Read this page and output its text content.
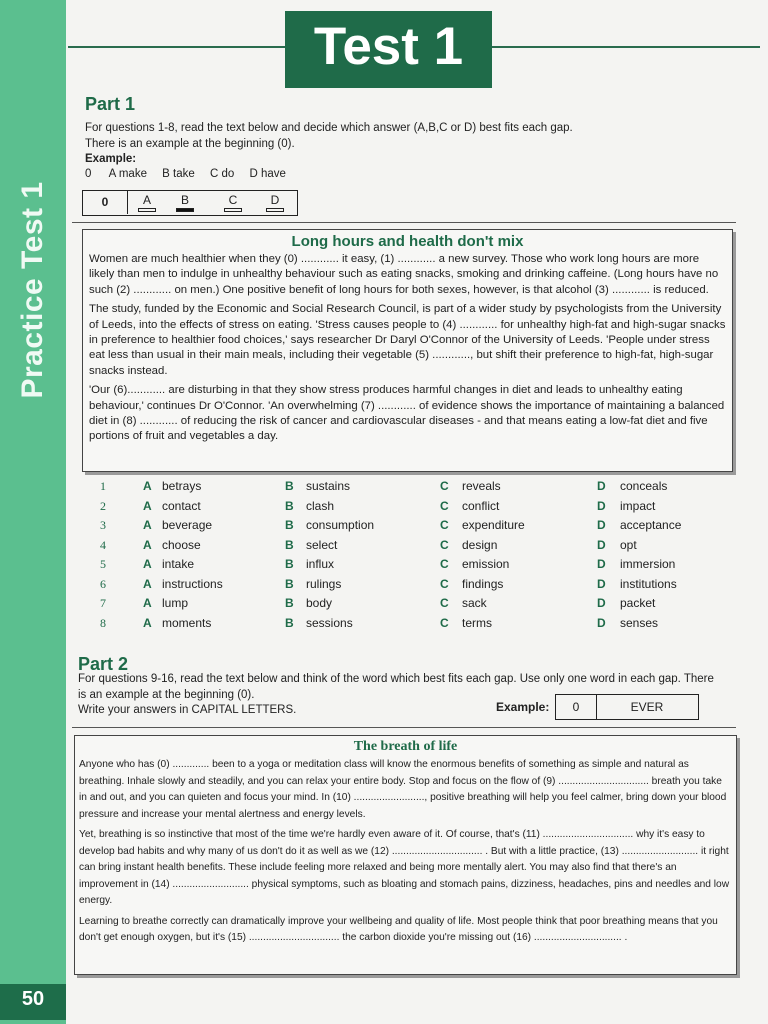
Practice Test 1
50
Test 1
Part 1
For questions 1-8, read the text below and decide which answer (A,B,C or D) best fits each gap.
There is an example at the beginning (0).
Example:
0 A make B take C do D have
0	A	B	C	D
Long hours and health don't mix

Women are much healthier when they (0) ............ it easy, (1) ............ a new survey. Those who work long hours are more likely than men to indulge in unhealthy behaviour such as eating snacks, smoking and drinking caffeine. (Long hours have no such (2) ............ on men.) One positive benefit of long hours for both sexes, however, is that alcohol (3) ............ is reduced.

The study, funded by the Economic and Social Research Council, is part of a wider study by psychologists from the University of Leeds, into the effects of stress on eating. 'Stress causes people to (4) ............ for unhealthy high-fat and high-sugar snacks in preference to healthier food choices,' says researcher Dr Daryl O'Connor of the University of Leeds. 'People under stress eat less than usual in their main meals, including their vegetable (5) ............, but shift their preference to high-fat, high-sugar snacks instead.

'Our (6)............ are disturbing in that they show stress produces harmful changes in diet and leads to unhealthy eating behaviour,' continues Dr O'Connor. 'An overwhelming (7) ............ of evidence shows the importance of maintaining a balanced diet in (8) ............ of reducing the risk of cancer and cardiovascular diseases - and that means eating a low-fat diet and five portions of fruit and vegetables a day.

1	A betrays	B sustains	C reveals	D conceals
2	A contact	B clash	C conflict	D impact
3	A beverage	B consumption	C expenditure	D acceptance
4	A choose	B select	C design	D opt
5	A intake	B influx	C emission	D immersion
6	A instructions	B rulings	C findings	D institutions
7	A lump	B body	C sack	D packet
8	A moments	B sessions	C terms	D senses
Part 2
For questions 9-16, read the text below and think of the word which best fits each gap. Use only one word in each gap. There is an example at the beginning (0).
Write your answers in CAPITAL LETTERS.	Example:	0	EVER
The breath of life

Anyone who has (0) ............. been to a yoga or meditation class will know the enormous benefits of something as simple and natural as breathing. Inhale slowly and steadily, and you can relax your entire body. Stop and focus on the flow of (9) ................................ breath you take in and out, and you can quieten and focus your mind. In (10) ........................., positive breathing will help you feel calmer, bring down your blood pressure and increase your mental alertness and energy levels.

Yet, breathing is so instinctive that most of the time we're hardly even aware of it. Of course, that's (11) ................................ why it's easy to develop bad habits and why many of us don't do it as well as we (12) ................................ . But with a little practice, (13) ........................... it right can bring instant health benefits. These include feeling more relaxed and being more mentally alert. You may also find that there's an improvement in (14) ........................... physical symptoms, such as bloating and stomach pains, dizziness, headaches, pins and needles and low energy.

Learning to breathe correctly can dramatically improve your wellbeing and quality of life. Most people think that poor breathing means that you don't get enough oxygen, but it's (15) ................................ the carbon dioxide you're missing out (16) ............................... .
